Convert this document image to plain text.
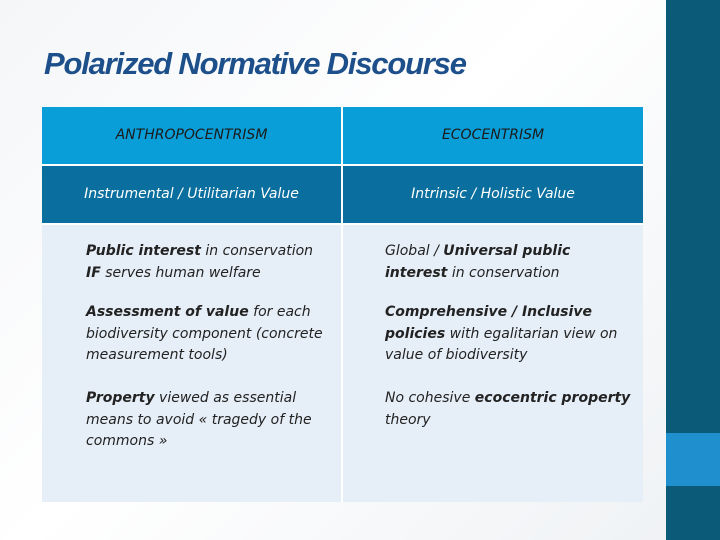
Polarized Normative Discourse
ANTHROPOCENTRISM	ECOCENTRISM
Instrumental / Utilitarian Value	Intrinsic / Holistic Value
Public interest in conservation IF serves human welfare
Global / Universal public interest in conservation
Assessment of value for each biodiversity component (concrete measurement tools)
Comprehensive / Inclusive policies with egalitarian view on value of biodiversity
Property viewed as essential means to avoid « tragedy of the commons »
No cohesive ecocentric property theory
